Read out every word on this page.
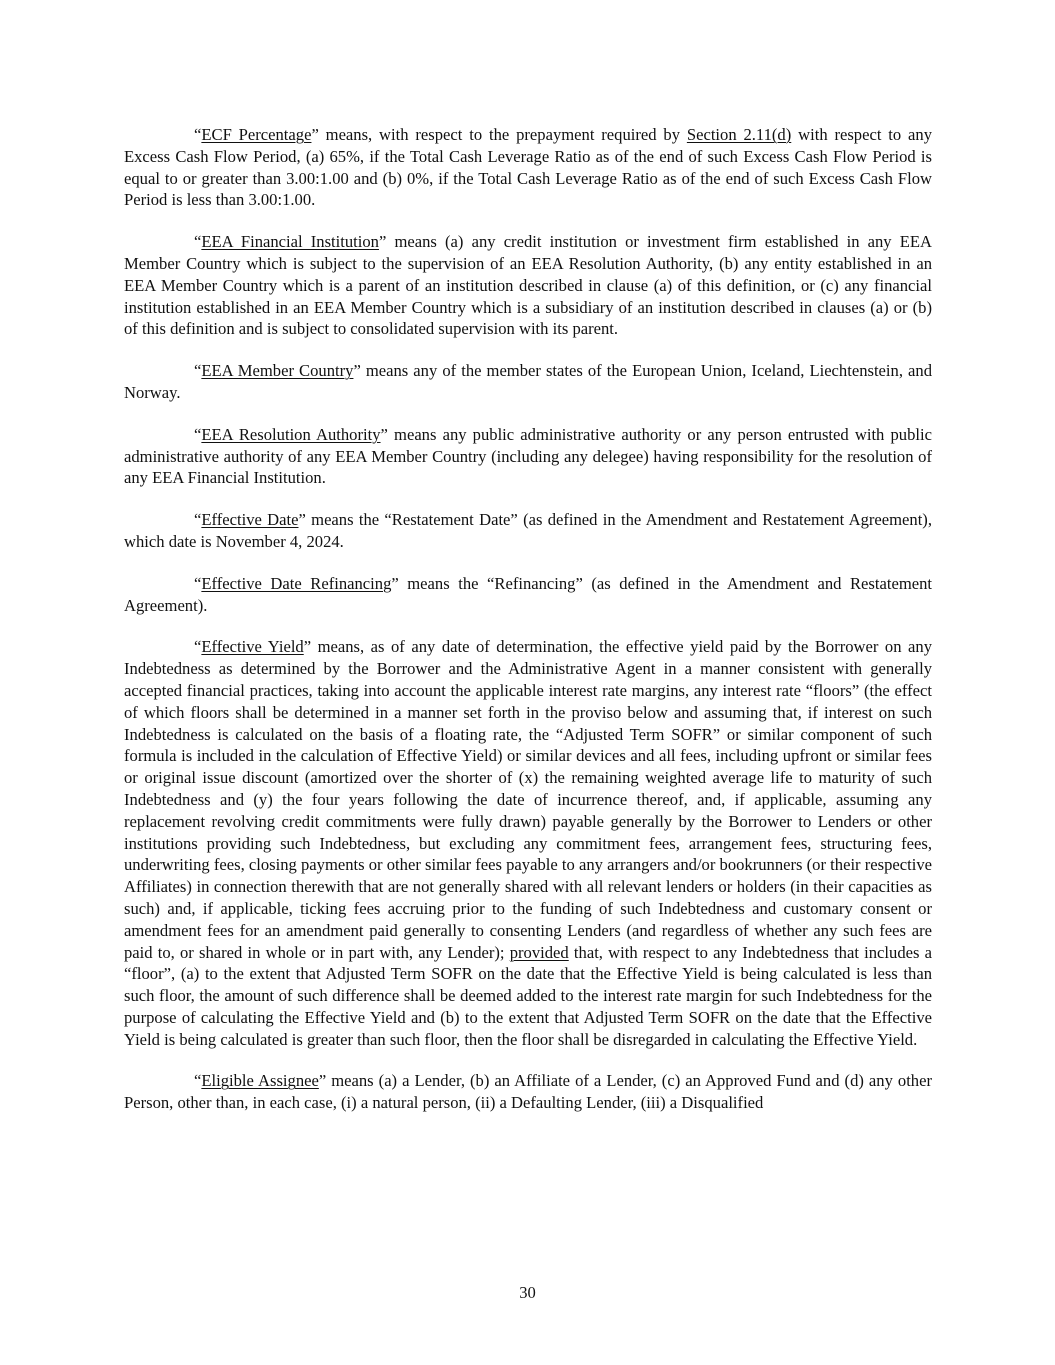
“ECF Percentage” means, with respect to the prepayment required by Section 2.11(d) with respect to any Excess Cash Flow Period, (a) 65%, if the Total Cash Leverage Ratio as of the end of such Excess Cash Flow Period is equal to or greater than 3.00:1.00 and (b) 0%, if the Total Cash Leverage Ratio as of the end of such Excess Cash Flow Period is less than 3.00:1.00.

“EEA Financial Institution” means (a) any credit institution or investment firm established in any EEA Member Country which is subject to the supervision of an EEA Resolution Authority, (b) any entity established in an EEA Member Country which is a parent of an institution described in clause (a) of this definition, or (c) any financial institution established in an EEA Member Country which is a subsidiary of an institution described in clauses (a) or (b) of this definition and is subject to consolidated supervision with its parent.

“EEA Member Country” means any of the member states of the European Union, Iceland, Liechtenstein, and Norway.

“EEA Resolution Authority” means any public administrative authority or any person entrusted with public administrative authority of any EEA Member Country (including any delegee) having responsibility for the resolution of any EEA Financial Institution.

“Effective Date” means the “Restatement Date” (as defined in the Amendment and Restatement Agreement), which date is November 4, 2024.

“Effective Date Refinancing” means the “Refinancing” (as defined in the Amendment and Restatement Agreement).

“Effective Yield” means, as of any date of determination, the effective yield paid by the Borrower on any Indebtedness as determined by the Borrower and the Administrative Agent in a manner consistent with generally accepted financial practices, taking into account the applicable interest rate margins, any interest rate “floors” (the effect of which floors shall be determined in a manner set forth in the proviso below and assuming that, if interest on such Indebtedness is calculated on the basis of a floating rate, the “Adjusted Term SOFR” or similar component of such formula is included in the calculation of Effective Yield) or similar devices and all fees, including upfront or similar fees or original issue discount (amortized over the shorter of (x) the remaining weighted average life to maturity of such Indebtedness and (y) the four years following the date of incurrence thereof, and, if applicable, assuming any replacement revolving credit commitments were fully drawn) payable generally by the Borrower to Lenders or other institutions providing such Indebtedness, but excluding any commitment fees, arrangement fees, structuring fees, underwriting fees, closing payments or other similar fees payable to any arrangers and/or bookrunners (or their respective Affiliates) in connection therewith that are not generally shared with all relevant lenders or holders (in their capacities as such) and, if applicable, ticking fees accruing prior to the funding of such Indebtedness and customary consent or amendment fees for an amendment paid generally to consenting Lenders (and regardless of whether any such fees are paid to, or shared in whole or in part with, any Lender); provided that, with respect to any Indebtedness that includes a “floor”, (a) to the extent that Adjusted Term SOFR on the date that the Effective Yield is being calculated is less than such floor, the amount of such difference shall be deemed added to the interest rate margin for such Indebtedness for the purpose of calculating the Effective Yield and (b) to the extent that Adjusted Term SOFR on the date that the Effective Yield is being calculated is greater than such floor, then the floor shall be disregarded in calculating the Effective Yield.

“Eligible Assignee” means (a) a Lender, (b) an Affiliate of a Lender, (c) an Approved Fund and (d) any other Person, other than, in each case, (i) a natural person, (ii) a Defaulting Lender, (iii) a Disqualified

30
